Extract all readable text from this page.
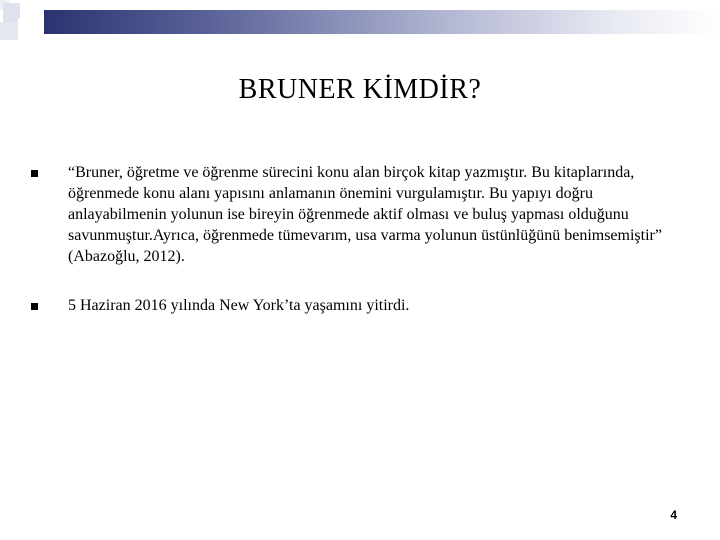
BRUNER KİMDİR?
“Bruner, öğretme ve öğrenme sürecini konu alan birçok kitap yazmıştır. Bu kitaplarında, öğrenmede konu alanı yapısını anlamanın önemini vurgulamıştır. Bu yapıyı doğru anlayabilmenin yolunun ise bireyin öğrenmede aktif olması ve buluş yapması olduğunu savunmuştur.Ayrıca, öğrenmede tümevarım, usa varma yolunun üstünlüğünü benimsemiştir” (Abazoğlu, 2012).
5 Haziran 2016 yılında New York’ta yaşamını yitirdi.
4
